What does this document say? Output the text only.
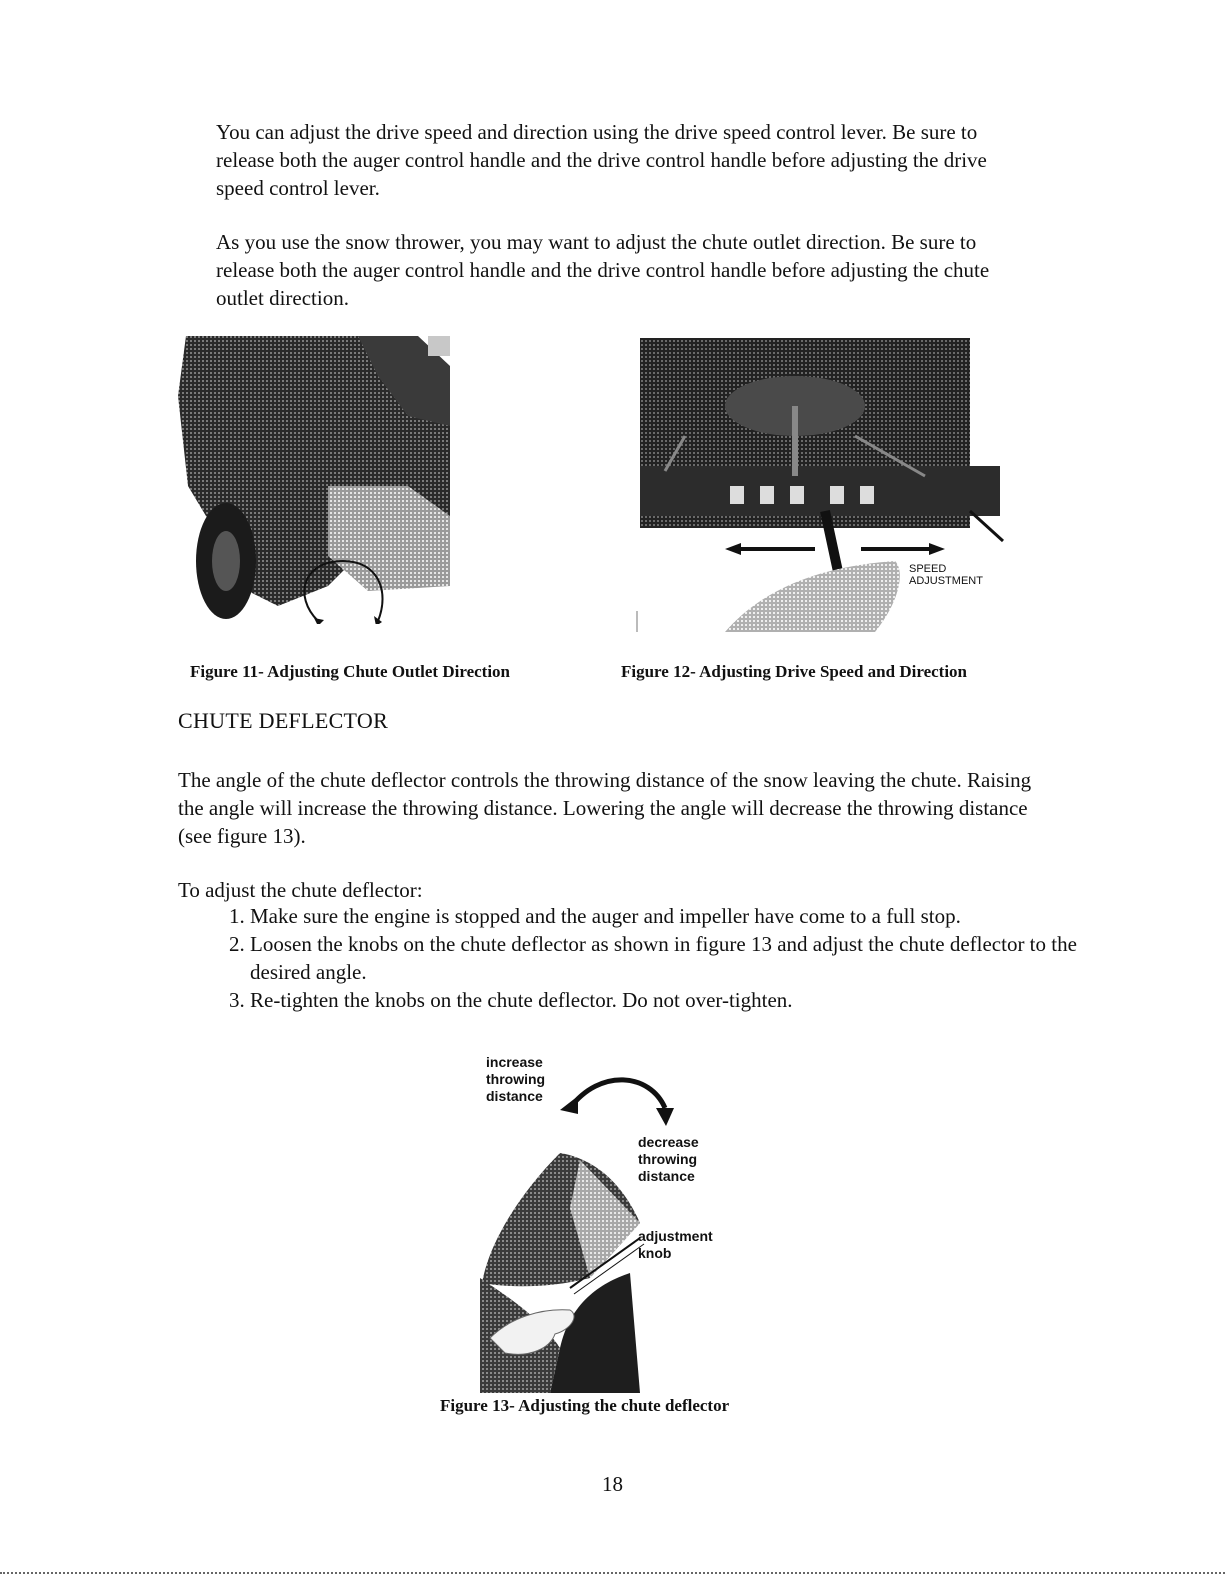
You can adjust the drive speed and direction using the drive speed control lever. Be sure to release both the auger control handle and the drive control handle before adjusting the drive speed control lever.

As you use the snow thrower, you may want to adjust the chute outlet direction. Be sure to release both the auger control handle and the drive control handle before adjusting the chute outlet direction.

SPEED
ADJUSTMENT
Figure 11- Adjusting Chute Outlet Direction	Figure 12- Adjusting Drive Speed and Direction
CHUTE DEFLECTOR

The angle of the chute deflector controls the throwing distance of the snow leaving the chute. Raising the angle will increase the throwing distance. Lowering the angle will decrease the throwing distance (see figure 13).

To adjust the chute deflector:

1. Make sure the engine is stopped and the auger and impeller have come to a full stop.
2. Loosen the knobs on the chute deflector as shown in figure 13 and adjust the chute deflector to the desired angle.
3. Re-tighten the knobs on the chute deflector. Do not over-tighten.
increase
throwing
distance
decrease
throwing
distance
adjustment
knob
Figure 13- Adjusting the chute deflector
18
